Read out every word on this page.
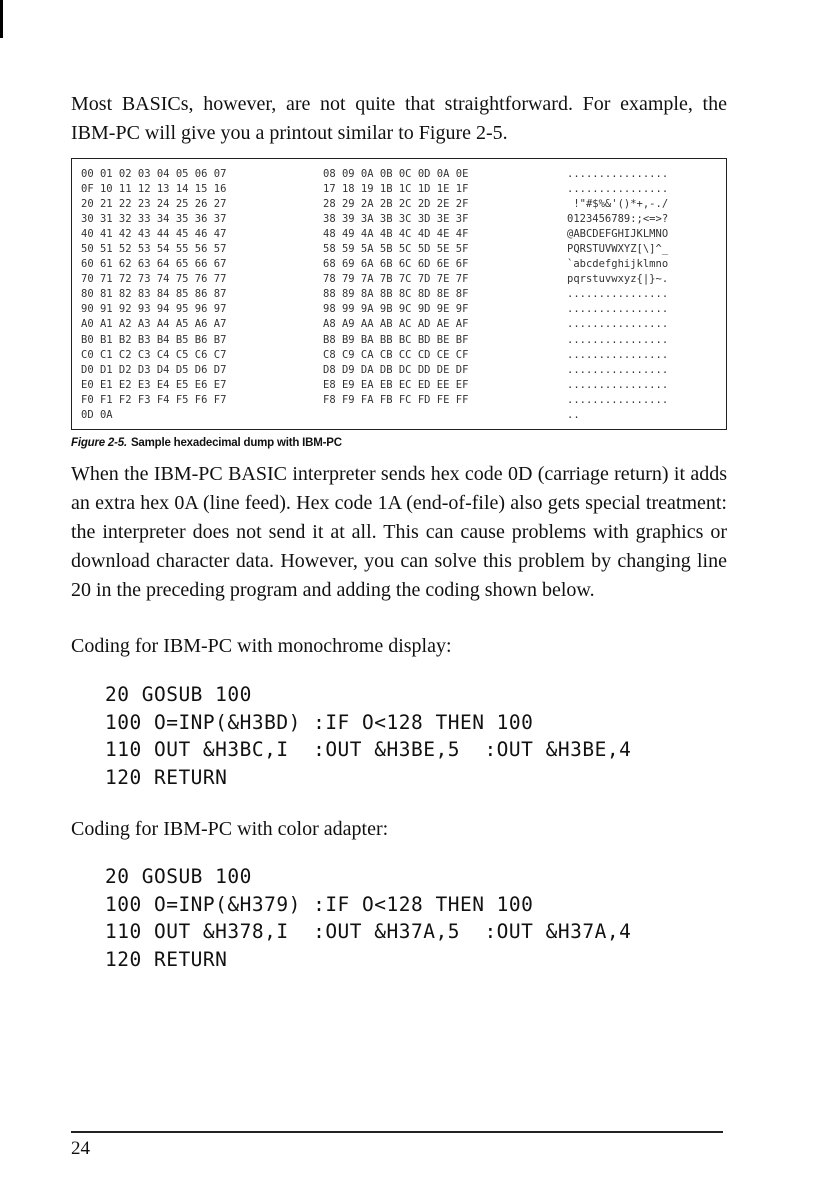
Most BASICs, however, are not quite that straightforward. For example, the IBM-PC will give you a printout similar to Figure 2-5.

00 01 02 03 04 05 06 07	08 09 0A 0B 0C 0D 0A 0E	................
0F 10 11 12 13 14 15 16	17 18 19 1B 1C 1D 1E 1F	................
20 21 22 23 24 25 26 27	28 29 2A 2B 2C 2D 2E 2F	!"#$%&'()*+,-./
30 31 32 33 34 35 36 37	38 39 3A 3B 3C 3D 3E 3F	0123456789:;<=>?
40 41 42 43 44 45 46 47	48 49 4A 4B 4C 4D 4E 4F	@ABCDEFGHIJKLMNO
50 51 52 53 54 55 56 57	58 59 5A 5B 5C 5D 5E 5F	PQRSTUVWXYZ[\]^_
60 61 62 63 64 65 66 67	68 69 6A 6B 6C 6D 6E 6F	`abcdefghijklmno
70 71 72 73 74 75 76 77	78 79 7A 7B 7C 7D 7E 7F	pqrstuvwxyz{|}~.
80 81 82 83 84 85 86 87	88 89 8A 8B 8C 8D 8E 8F	................
90 91 92 93 94 95 96 97	98 99 9A 9B 9C 9D 9E 9F	................
A0 A1 A2 A3 A4 A5 A6 A7	A8 A9 AA AB AC AD AE AF	................
B0 B1 B2 B3 B4 B5 B6 B7	B8 B9 BA BB BC BD BE BF	................
C0 C1 C2 C3 C4 C5 C6 C7	C8 C9 CA CB CC CD CE CF	................
D0 D1 D2 D3 D4 D5 D6 D7	D8 D9 DA DB DC DD DE DF	................
E0 E1 E2 E3 E4 E5 E6 E7	E8 E9 EA EB EC ED EE EF	................
F0 F1 F2 F3 F4 F5 F6 F7	F8 F9 FA FB FC FD FE FF	................
0D 0A		..
Figure 2-5. Sample hexadecimal dump with IBM-PC

When the IBM-PC BASIC interpreter sends hex code 0D (carriage return) it adds an extra hex 0A (line feed). Hex code 1A (end-of-file) also gets special treatment: the interpreter does not send it at all. This can cause problems with graphics or download character data. However, you can solve this problem by changing line 20 in the preceding program and adding the coding shown below.

Coding for IBM-PC with monochrome display:

20 GOSUB 100
100 O=INP(&H3BD) :IF O<128 THEN 100
110 OUT &H3BC,I  :OUT &H3BE,5  :OUT &H3BE,4
120 RETURN

Coding for IBM-PC with color adapter:

20 GOSUB 100
100 O=INP(&H379) :IF O<128 THEN 100
110 OUT &H378,I  :OUT &H37A,5  :OUT &H37A,4
120 RETURN
24
